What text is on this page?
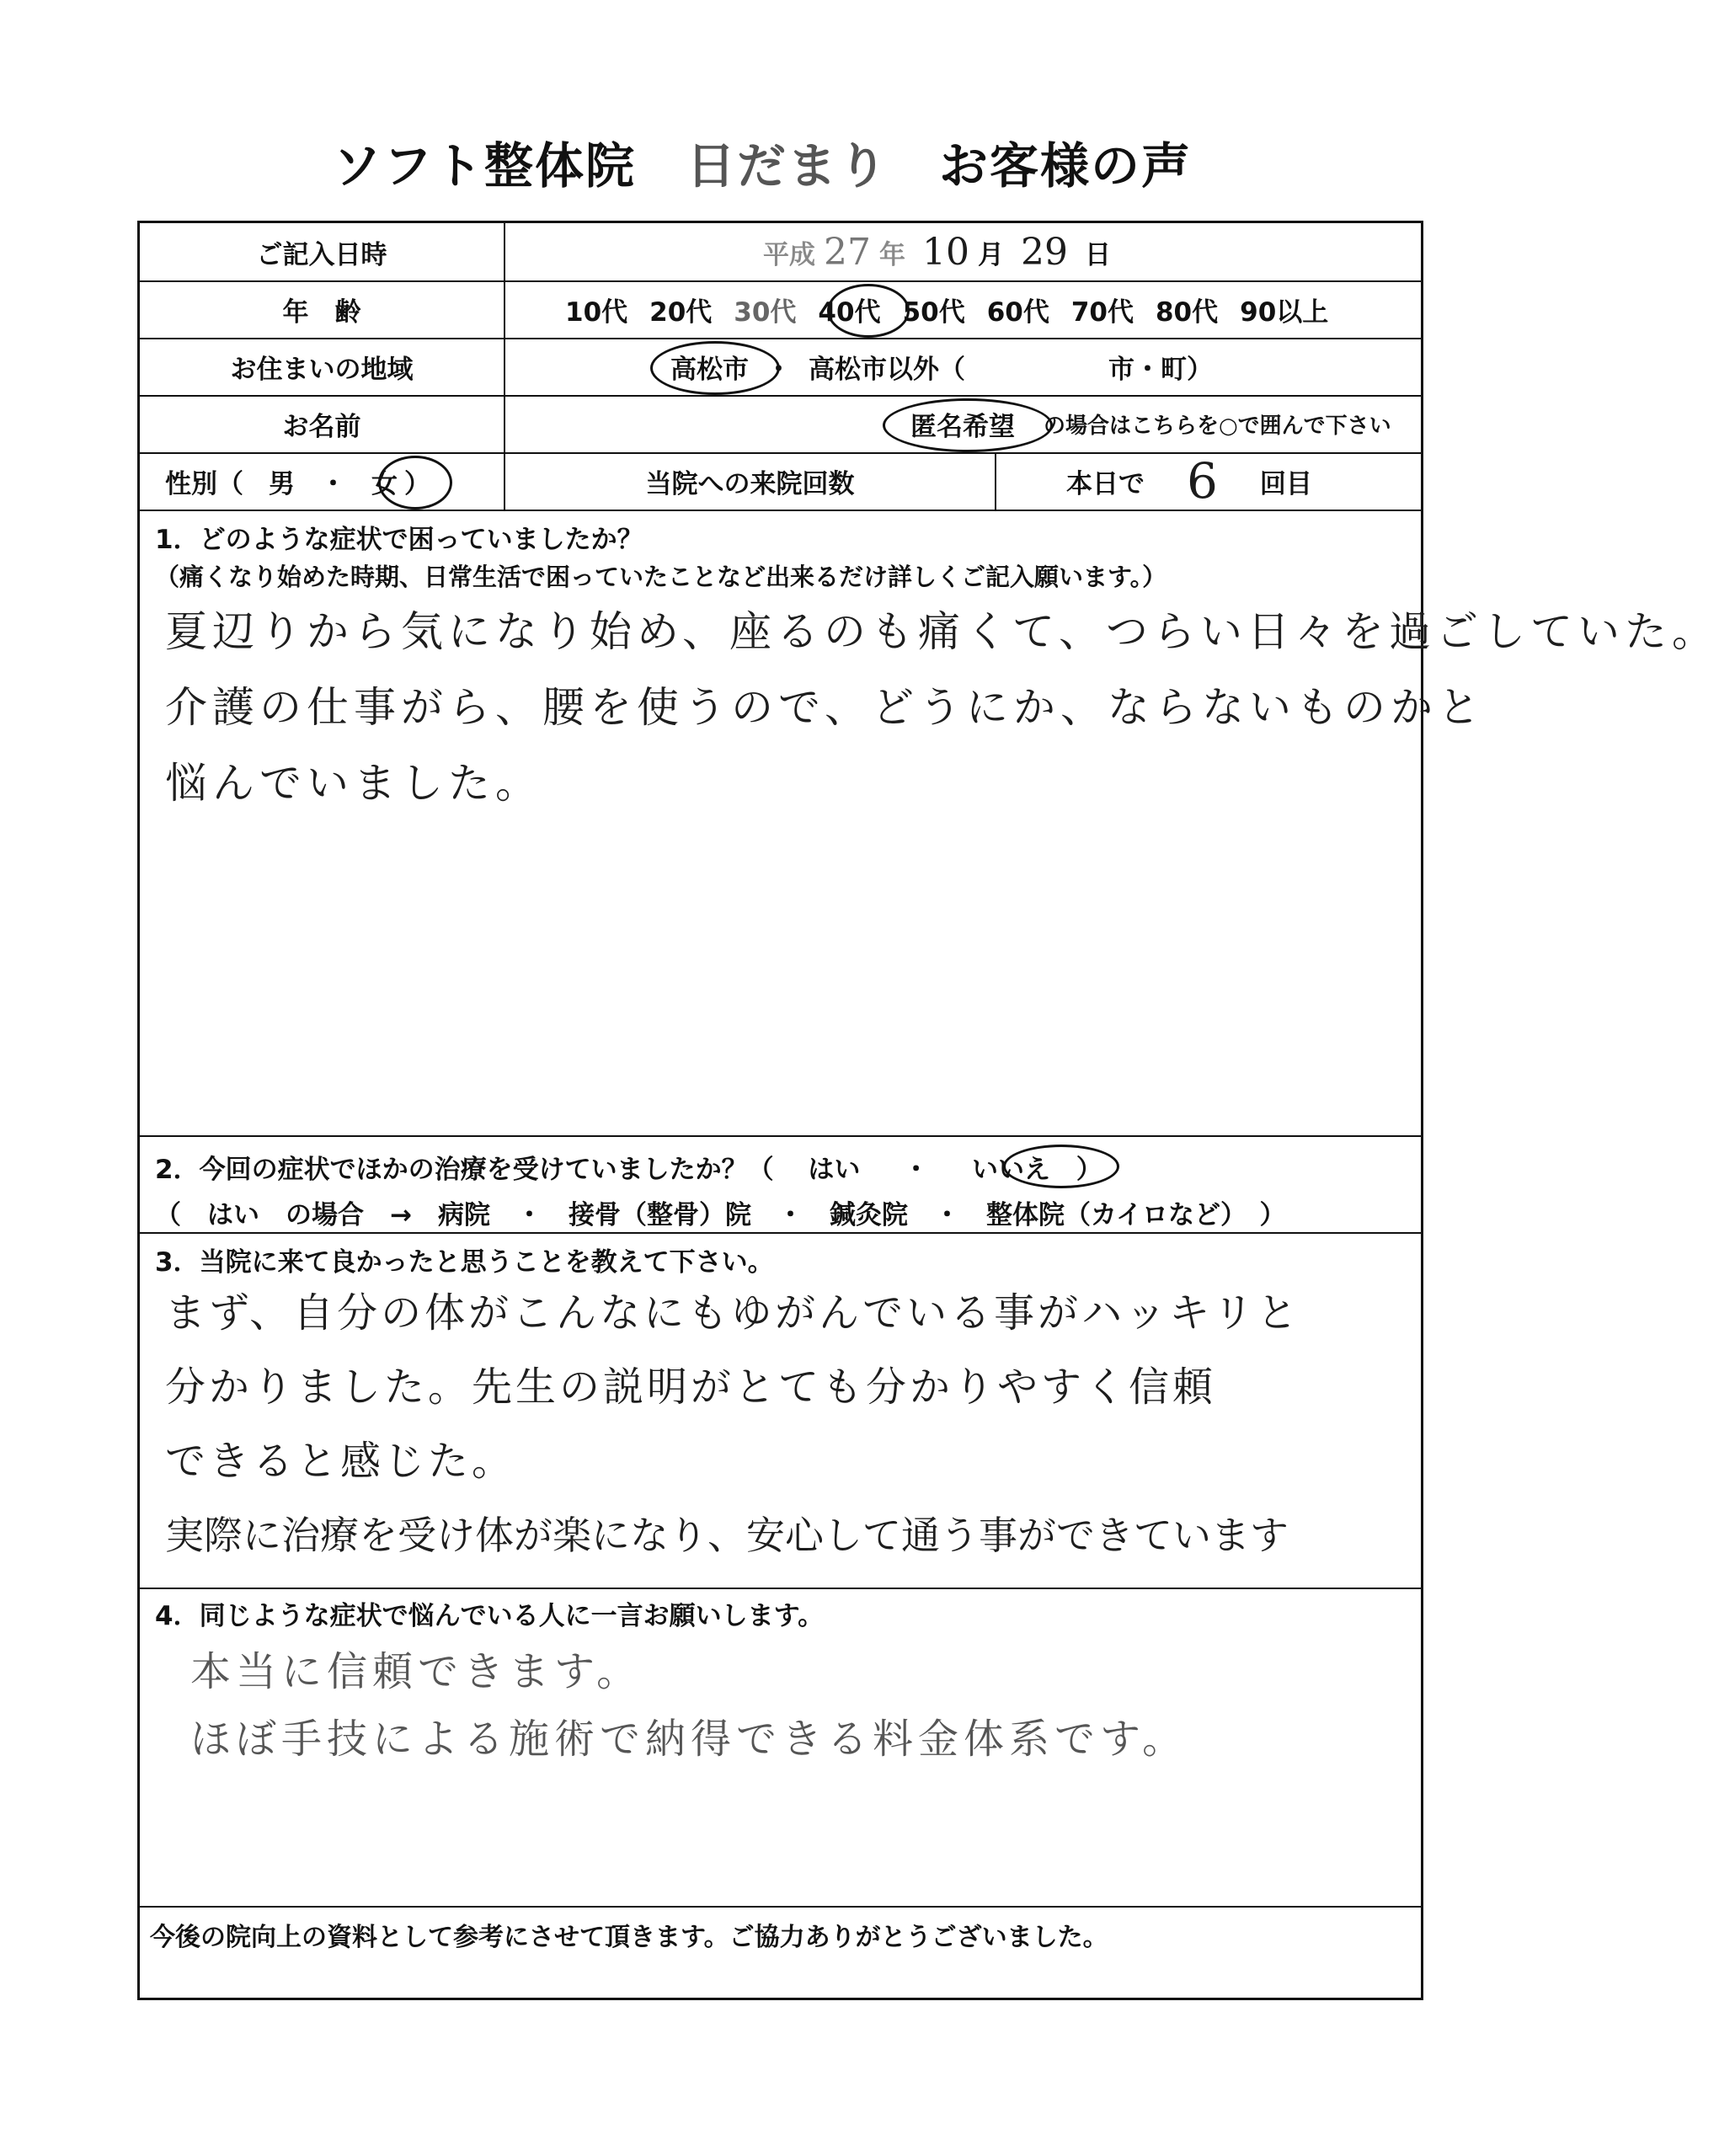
ソフト整体院 日だまり お客様の声
ご記入日時	平成 27 年 10 月 29 日
年　齢	10代 20代 30代 40代 50代 60代 70代 80代 90以上
お住まいの地域	高松市 ・ 高松市以外（	市・町）
お名前	匿名希望 の場合はこちらを○で囲んで下さい
性別（ 男 ・ 女 ）	当院への来院回数	本日で 6 回目
1．どのような症状で困っていましたか？
（痛くなり始めた時期、日常生活で困っていたことなど出来るだけ詳しくご記入願います。）
夏辺りから気になり始め、座るのも痛くて、つらい日々を過ごしていた。
介護の仕事がら、腰を使うので、どうにか、ならないものかと
悩んでいました。
2．今回の症状でほかの治療を受けていましたか？（ はい ・ いいえ ）
（　はい　の場合　→　病院　・　接骨（整骨）院　・　鍼灸院　・　整体院（カイロなど）　）
3．当院に来て良かったと思うことを教えて下さい。
まず、自分の体がこんなにもゆがんでいる事がハッキリと
分かりました。先生の説明がとても分かりやすく信頼
できると感じた。
実際に治療を受け体が楽になり、安心して通う事ができています
4．同じような症状で悩んでいる人に一言お願いします。
本当に信頼できます。
ほぼ手技による施術で納得できる料金体系です。
今後の院向上の資料として参考にさせて頂きます。ご協力ありがとうございました。
